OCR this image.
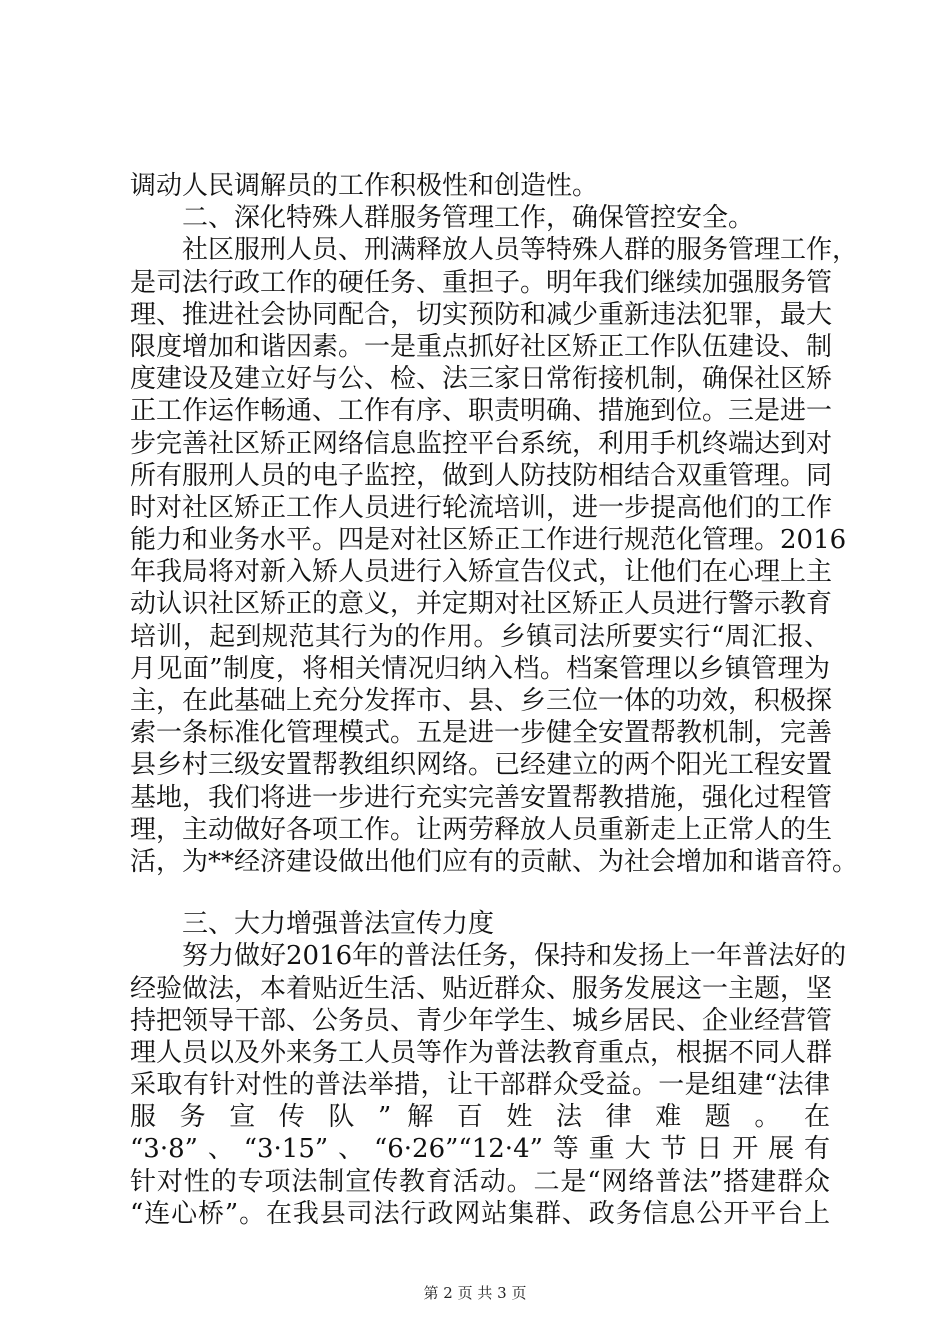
调动人民调解员的工作积极性和创造性。
　　二、深化特殊人群服务管理工作，确保管控安全。
　　社区服刑人员、刑满释放人员等特殊人群的服务管理工作，
是司法行政工作的硬任务、重担子。明年我们继续加强服务管
理、推进社会协同配合，切实预防和减少重新违法犯罪，最大
限度增加和谐因素。一是重点抓好社区矫正工作队伍建设、制
度建设及建立好与公、检、法三家日常衔接机制，确保社区矫
正工作运作畅通、工作有序、职责明确、措施到位。三是进一
步完善社区矫正网络信息监控平台系统，利用手机终端达到对
所有服刑人员的电子监控，做到人防技防相结合双重管理。同
时对社区矫正工作人员进行轮流培训，进一步提高他们的工作
能力和业务水平。四是对社区矫正工作进行规范化管理。2016
年我局将对新入矫人员进行入矫宣告仪式，让他们在心理上主
动认识社区矫正的意义，并定期对社区矫正人员进行警示教育
培训，起到规范其行为的作用。乡镇司法所要实行“周汇报、
月见面”制度，将相关情况归纳入档。档案管理以乡镇管理为
主，在此基础上充分发挥市、县、乡三位一体的功效，积极探
索一条标准化管理模式。五是进一步健全安置帮教机制，完善
县乡村三级安置帮教组织网络。已经建立的两个阳光工程安置
基地，我们将进一步进行充实完善安置帮教措施，强化过程管
理，主动做好各项工作。让两劳释放人员重新走上正常人的生
活，为**经济建设做出他们应有的贡献、为社会增加和谐音符。
　　三、大力增强普法宣传力度
　　努力做好2016年的普法任务，保持和发扬上一年普法好的
经验做法，本着贴近生活、贴近群众、服务发展这一主题，坚
持把领导干部、公务员、青少年学生、城乡居民、企业经营管
理人员以及外来务工人员等作为普法教育重点，根据不同人群
采取有针对性的普法举措，让干部群众受益。一是组建“法律
服 务 宣 传 队 ” 解 百 姓 法 律 难 题 。 在
“3·8”、“3·15”、“6·26”“12·4”等重大节日开展有
针对性的专项法制宣传教育活动。二是“网络普法”搭建群众
“连心桥”。在我县司法行政网站集群、政务信息公开平台上
第 2 页 共 3 页
